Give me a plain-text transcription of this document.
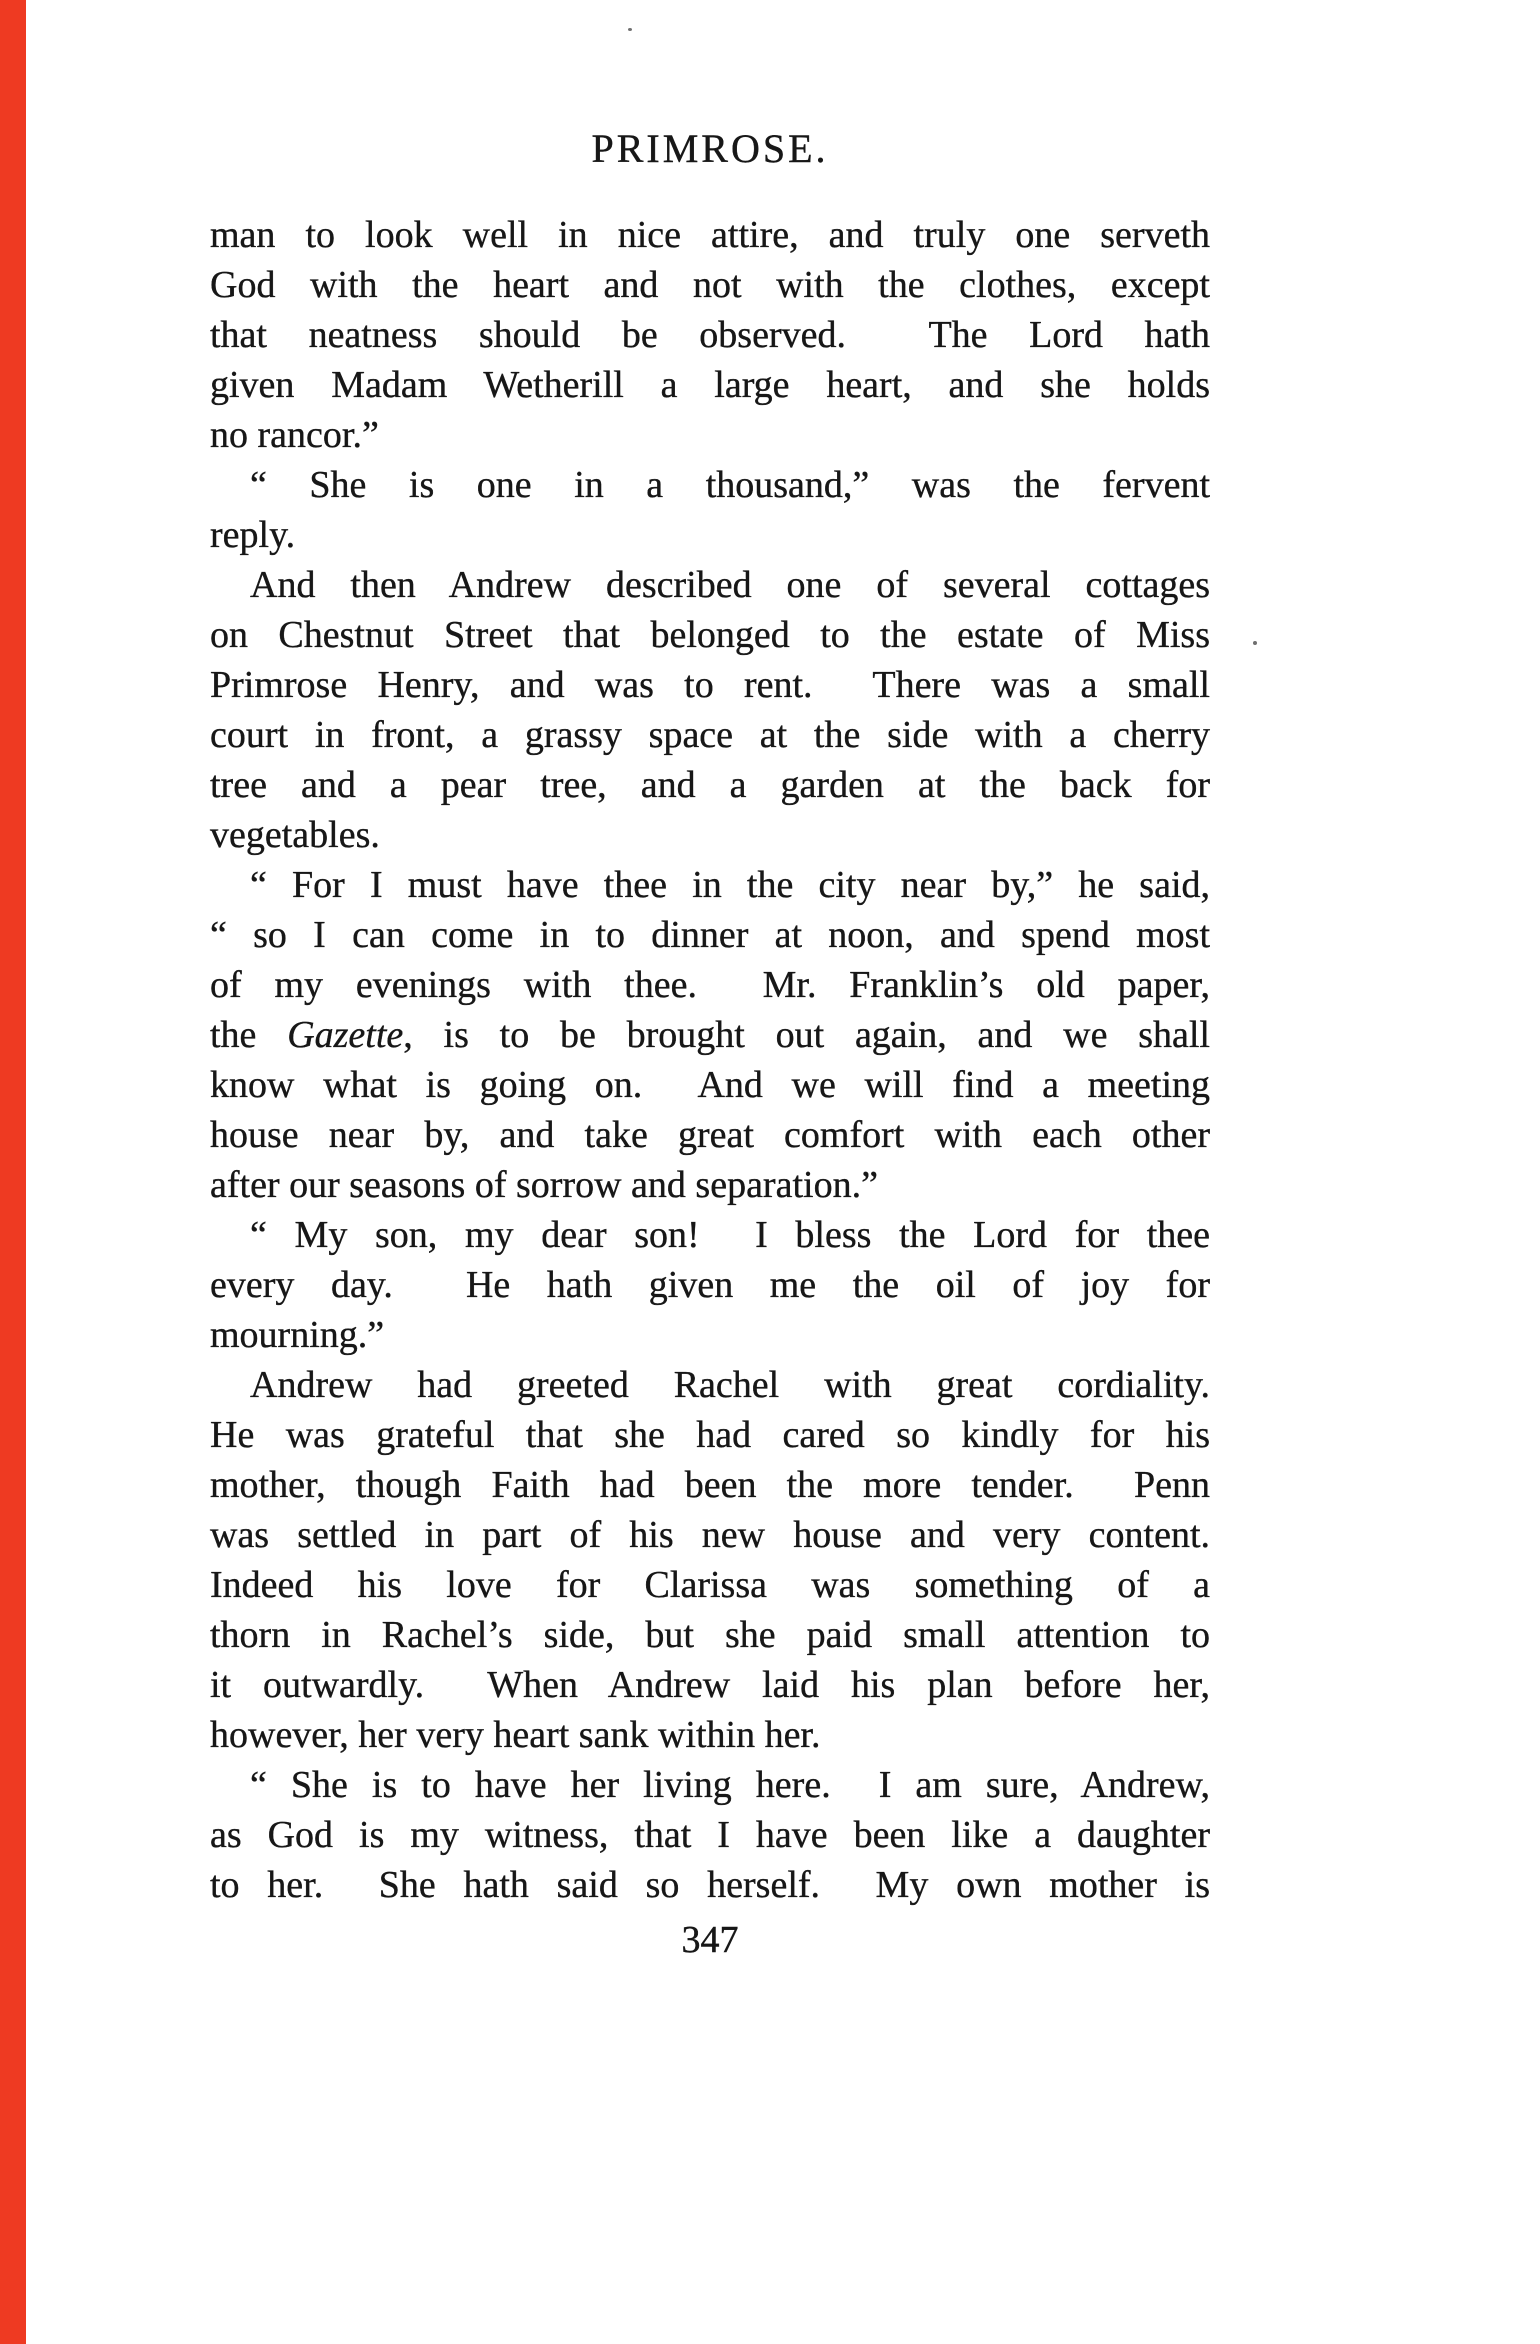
PRIMROSE.
man to look well in nice attire, and truly one serveth
God with the heart and not with the clothes, except
that neatness should be observed.  The Lord hath
given Madam Wetherill a large heart, and she holds
no rancor.”
“ She is one in a thousand,” was the fervent
reply.
And then Andrew described one of several cottages
on Chestnut Street that belonged to the estate of Miss
Primrose Henry, and was to rent.  There was a small
court in front, a grassy space at the side with a cherry
tree and a pear tree, and a garden at the back for
vegetables.
“ For I must have thee in the city near by,” he said,
“ so I can come in to dinner at noon, and spend most
of my evenings with thee.  Mr. Franklin’s old paper,
the Gazette, is to be brought out again, and we shall
know what is going on.  And we will find a meeting
house near by, and take great comfort with each other
after our seasons of sorrow and separation.”
“ My son, my dear son!  I bless the Lord for thee
every day.  He hath given me the oil of joy for
mourning.”
Andrew had greeted Rachel with great cordiality.
He was grateful that she had cared so kindly for his
mother, though Faith had been the more tender.  Penn
was settled in part of his new house and very content.
Indeed his love for Clarissa was something of a
thorn in Rachel’s side, but she paid small attention to
it outwardly.  When Andrew laid his plan before her,
however, her very heart sank within her.
“ She is to have her living here.  I am sure, Andrew,
as God is my witness, that I have been like a daughter
to her.  She hath said so herself.  My own mother is
347
